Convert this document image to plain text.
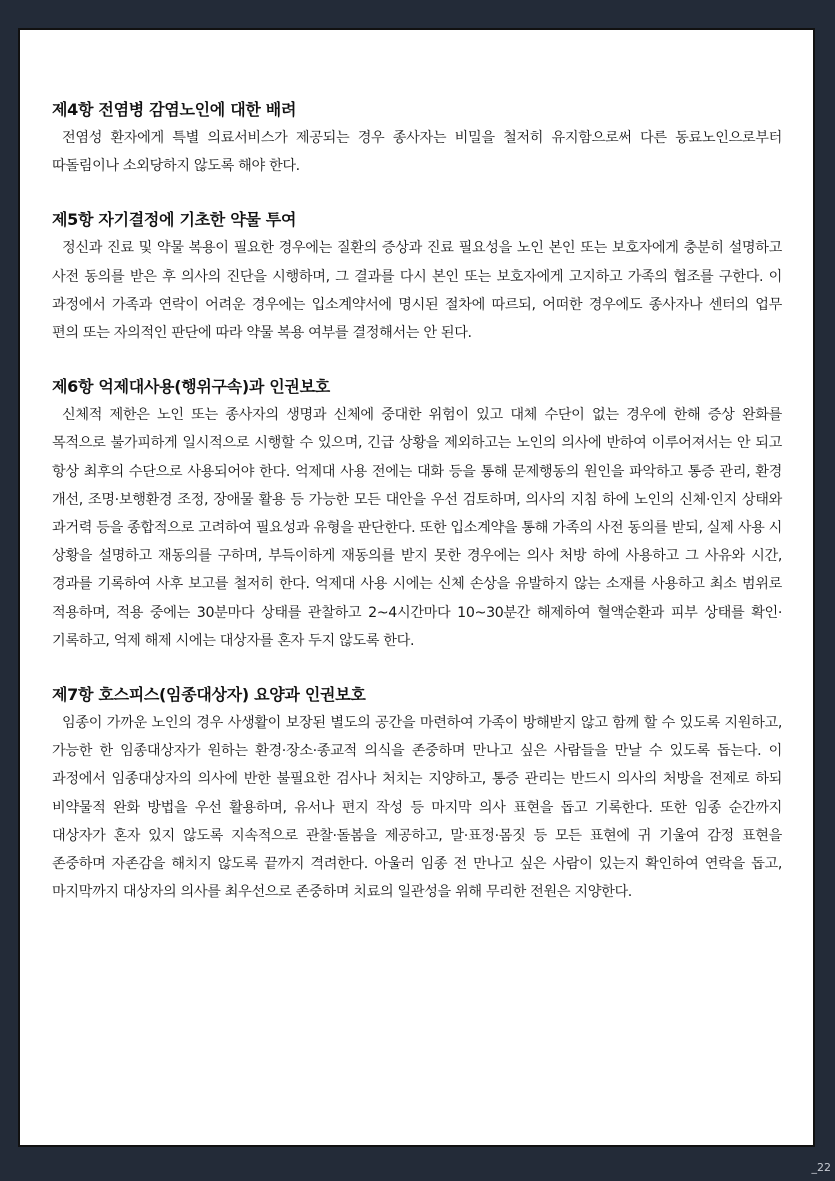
제4항 전염병 감염노인에 대한 배려

전염성 환자에게 특별 의료서비스가 제공되는 경우 종사자는 비밀을 철저히 유지함으로써 다른 동료노인으로부터 따돌림이나 소외당하지 않도록 해야 한다.

제5항 자기결정에 기초한 약물 투여

정신과 진료 및 약물 복용이 필요한 경우에는 질환의 증상과 진료 필요성을 노인 본인 또는 보호자에게 충분히 설명하고 사전 동의를 받은 후 의사의 진단을 시행하며, 그 결과를 다시 본인 또는 보호자에게 고지하고 가족의 협조를 구한다. 이 과정에서 가족과 연락이 어려운 경우에는 입소계약서에 명시된 절차에 따르되, 어떠한 경우에도 종사자나 센터의 업무 편의 또는 자의적인 판단에 따라 약물 복용 여부를 결정해서는 안 된다.

제6항 억제대사용(행위구속)과 인권보호

신체적 제한은 노인 또는 종사자의 생명과 신체에 중대한 위험이 있고 대체 수단이 없는 경우에 한해 증상 완화를 목적으로 불가피하게 일시적으로 시행할 수 있으며, 긴급 상황을 제외하고는 노인의 의사에 반하여 이루어져서는 안 되고 항상 최후의 수단으로 사용되어야 한다. 억제대 사용 전에는 대화 등을 통해 문제행동의 원인을 파악하고 통증 관리, 환경 개선, 조명·보행환경 조정, 장애물 활용 등 가능한 모든 대안을 우선 검토하며, 의사의 지침 하에 노인의 신체·인지 상태와 과거력 등을 종합적으로 고려하여 필요성과 유형을 판단한다. 또한 입소계약을 통해 가족의 사전 동의를 받되, 실제 사용 시 상황을 설명하고 재동의를 구하며, 부득이하게 재동의를 받지 못한 경우에는 의사 처방 하에 사용하고 그 사유와 시간, 경과를 기록하여 사후 보고를 철저히 한다. 억제대 사용 시에는 신체 손상을 유발하지 않는 소재를 사용하고 최소 범위로 적용하며, 적용 중에는 30분마다 상태를 관찰하고 2~4시간마다 10~30분간 해제하여 혈액순환과 피부 상태를 확인·기록하고, 억제 해제 시에는 대상자를 혼자 두지 않도록 한다.

제7항 호스피스(임종대상자) 요양과 인권보호

임종이 가까운 노인의 경우 사생활이 보장된 별도의 공간을 마련하여 가족이 방해받지 않고 함께 할 수 있도록 지원하고, 가능한 한 임종대상자가 원하는 환경·장소·종교적 의식을 존중하며 만나고 싶은 사람들을 만날 수 있도록 돕는다. 이 과정에서 임종대상자의 의사에 반한 불필요한 검사나 처치는 지양하고, 통증 관리는 반드시 의사의 처방을 전제로 하되 비약물적 완화 방법을 우선 활용하며, 유서나 편지 작성 등 마지막 의사 표현을 돕고 기록한다. 또한 임종 순간까지 대상자가 혼자 있지 않도록 지속적으로 관찰·돌봄을 제공하고, 말·표정·몸짓 등 모든 표현에 귀 기울여 감정 표현을 존중하며 자존감을 해치지 않도록 끝까지 격려한다. 아울러 임종 전 만나고 싶은 사람이 있는지 확인하여 연락을 돕고, 마지막까지 대상자의 의사를 최우선으로 존중하며 치료의 일관성을 위해 무리한 전원은 지양한다.

_22
